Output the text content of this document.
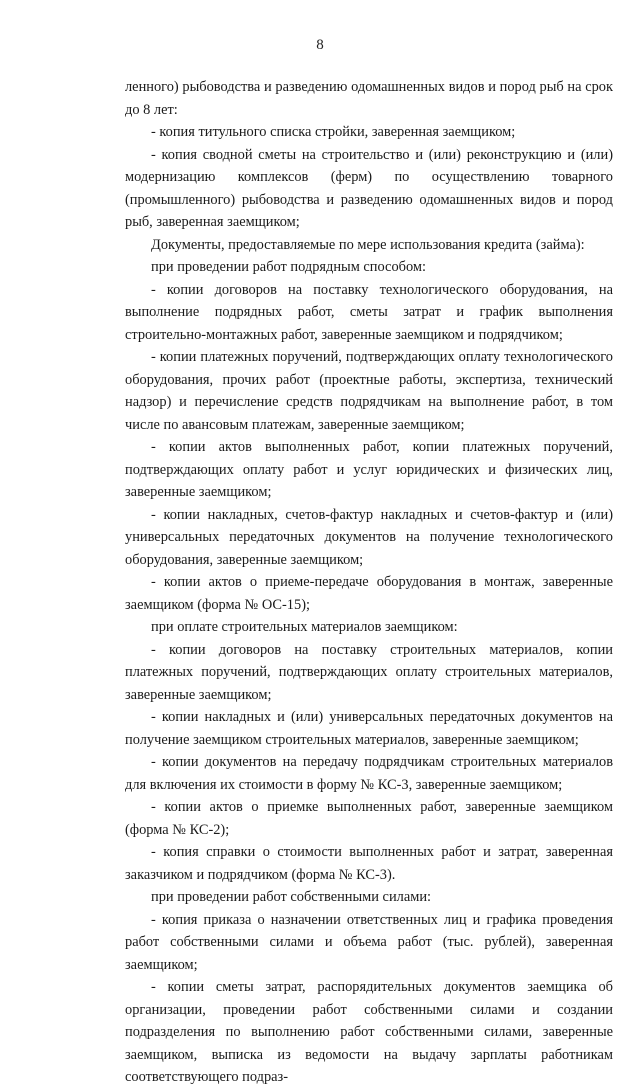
8

ленного) рыбоводства и разведению одомашненных видов и пород рыб на срок до 8 лет:

- копия титульного списка стройки, заверенная заемщиком;

- копия сводной сметы на строительство и (или) реконструкцию и (или) модернизацию комплексов (ферм) по осуществлению товарного (промышленного) рыбоводства и разведению одомашненных видов и пород рыб, заверенная заемщиком;

Документы, предоставляемые по мере использования кредита (займа):

при проведении работ подрядным способом:

- копии договоров на поставку технологического оборудования, на выполнение подрядных работ, сметы затрат и график выполнения строительно-монтажных работ, заверенные заемщиком и подрядчиком;

- копии платежных поручений, подтверждающих оплату технологического оборудования, прочих работ (проектные работы, экспертиза, технический надзор) и перечисление средств подрядчикам на выполнение работ, в том числе по авансовым платежам, заверенные заемщиком;

- копии актов выполненных работ, копии платежных поручений, подтверждающих оплату работ и услуг юридических и физических лиц, заверенные заемщиком;

- копии накладных, счетов-фактур накладных и счетов-фактур и (или) универсальных передаточных документов на получение технологического оборудования, заверенные заемщиком;

- копии актов о приеме-передаче оборудования в монтаж, заверенные заемщиком (форма № ОС-15);

при оплате строительных материалов заемщиком:

- копии договоров на поставку строительных материалов, копии платежных поручений, подтверждающих оплату строительных материалов, заверенные заемщиком;

- копии накладных и (или) универсальных передаточных документов на получение заемщиком строительных материалов, заверенные заемщиком;

- копии документов на передачу подрядчикам строительных материалов для включения их стоимости в форму № КС-3, заверенные заемщиком;

- копии актов о приемке выполненных работ, заверенные заемщиком (форма № КС-2);

- копия справки о стоимости выполненных работ и затрат, заверенная заказчиком и подрядчиком (форма № КС-3).

при проведении работ собственными силами:

- копия приказа о назначении ответственных лиц и графика проведения работ собственными силами и объема работ (тыс. рублей), заверенная заемщиком;

- копии сметы затрат, распорядительных документов заемщика об организации, проведении работ собственными силами и создании подразделения по выполнению работ собственными силами, заверенные заемщиком, выписка из ведомости на выдачу зарплаты работникам соответствующего подраз-
